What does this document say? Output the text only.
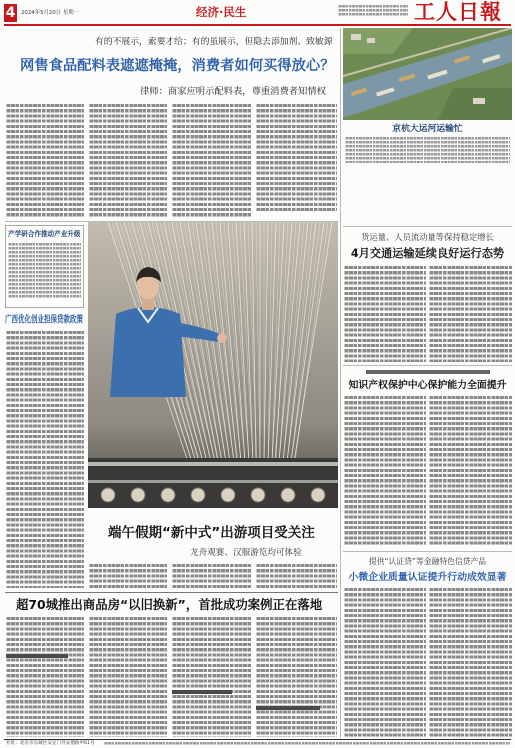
4	2024年5月20日 星期一	经济·民生	工人日報
有的不展示，索要才给；有的虽展示，但隐去添加剂、致敏源
网售食品配料表遮遮掩掩，消费者如何买得放心？
律师：商家应明示配料表，尊重消费者知情权
产学研合作推动产业升级
广西优化创业担保贷款政策
端午假期“新中式”出游项目受关注
龙舟观赛、汉服游览均可体验
超70城推出商品房“以旧换新”，首批成功案例正在落地
京杭大运河运输忙
货运量、人员流动量等保持稳定增长
4月交通运输延续良好运行态势
知识产权保护中心保护能力全面提升
提供“认证贷”等金融特色信贷产品
小微企业质量认证提升行动成效显著
社址：北京市东城区安定门外安德路甲61号
